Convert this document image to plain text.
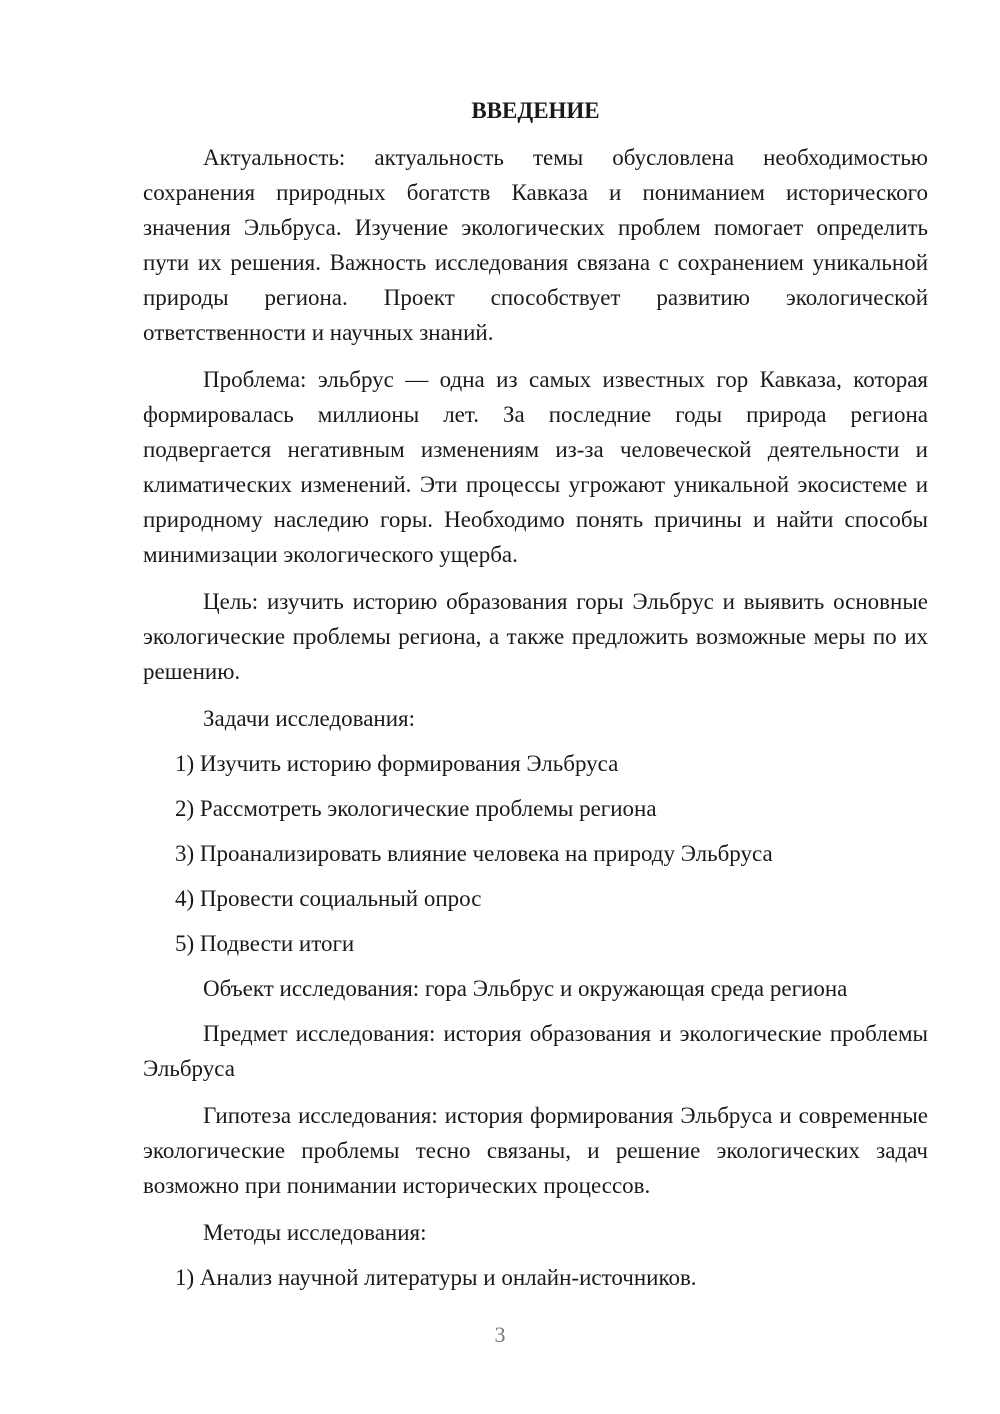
ВВЕДЕНИЕ

Актуальность: актуальность темы обусловлена необходимостью сохранения природных богатств Кавказа и пониманием исторического значения Эльбруса. Изучение экологических проблем помогает определить пути их решения. Важность исследования связана с сохранением уникальной природы региона. Проект способствует развитию экологической ответственности и научных знаний.

Проблема: эльбрус — одна из самых известных гор Кавказа, которая формировалась миллионы лет. За последние годы природа региона подвергается негативным изменениям из-за человеческой деятельности и климатических изменений. Эти процессы угрожают уникальной экосистеме и природному наследию горы. Необходимо понять причины и найти способы минимизации экологического ущерба.

Цель: изучить историю образования горы Эльбрус и выявить основные экологические проблемы региона, а также предложить возможные меры по их решению.

Задачи исследования:

1) Изучить историю формирования Эльбруса

2) Рассмотреть экологические проблемы региона

3) Проанализировать влияние человека на природу Эльбруса

4) Провести социальный опрос

5) Подвести итоги

Объект исследования: гора Эльбрус и окружающая среда региона

Предмет исследования: история образования и экологические проблемы Эльбруса

Гипотеза исследования: история формирования Эльбруса и современные экологические проблемы тесно связаны, и решение экологических задач возможно при понимании исторических процессов.

Методы исследования:

1) Анализ научной литературы и онлайн-источников.

3
